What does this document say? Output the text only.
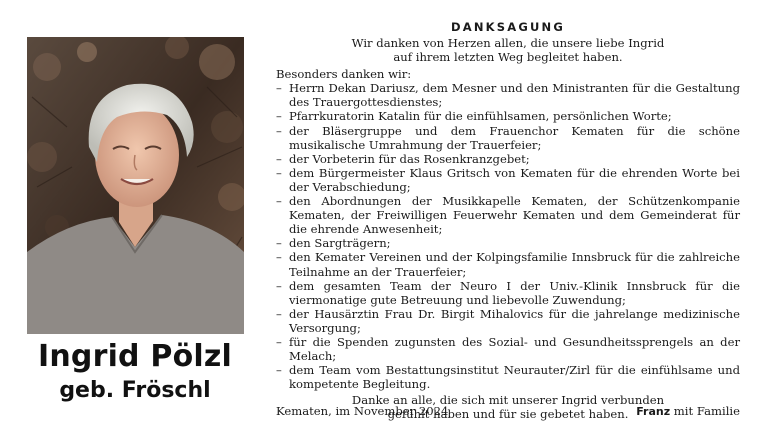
Ingrid Pölzl
geb. Fröschl
DANKSAGUNG
Wir danken von Herzen allen, die unsere liebe Ingrid
auf ihrem letzten Weg begleitet haben.
Besonders danken wir:
– Herrn Dekan Dariusz, dem Mesner und den Ministranten für die Gestaltung des Trauergottesdienstes;
– Pfarrkuratorin Katalin für die einfühlsamen, persönlichen Worte;
– der Bläsergruppe und dem Frauenchor Kematen für die schöne musikalische Umrahmung der Trauerfeier;
– der Vorbeterin für das Rosenkranzgebet;
– dem Bürgermeister Klaus Gritsch von Kematen für die ehrenden Worte bei der Verabschiedung;
– den Abordnungen der Musikkapelle Kematen, der Schützenkompanie Kematen, der Freiwilligen Feuerwehr Kematen und dem Gemeinderat für die ehrende Anwesenheit;
– den Sargträgern;
– den Kemater Vereinen und der Kolpingsfamilie Innsbruck für die zahlreiche Teilnahme an der Trauerfeier;
– dem gesamten Team der Neuro I der Univ.-Klinik Innsbruck für die viermonatige gute Betreuung und liebevolle Zuwendung;
– der Hausärztin Frau Dr. Birgit Mihalovics für die jahrelange medizinische Versorgung;
– für die Spenden zugunsten des Sozial- und Gesundheitssprengels an der Melach;
– dem Team vom Bestattungsinstitut Neurauter/Zirl für die einfühlsame und kompetente Begleitung.
Danke an alle, die sich mit unserer Ingrid verbunden
gefühlt haben und für sie gebetet haben.
Kematen, im November 2024	Franz mit Familie
